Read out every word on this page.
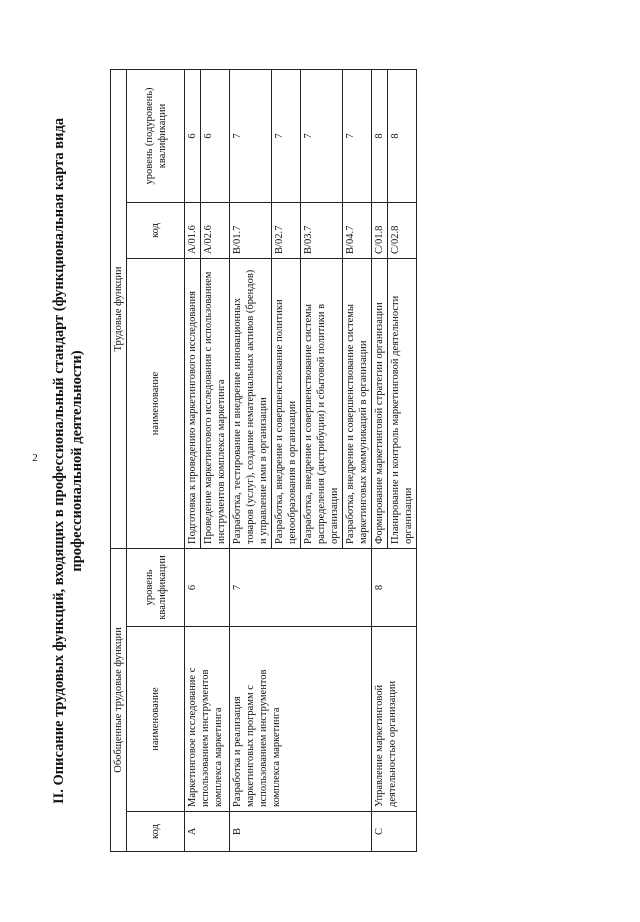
2 II. Описание трудовых функций, входящих в профессиональный стандарт (функциональная карта вида профессиональной деятельности)
Обобщенные трудовые функции			Трудовые функции		
код	наименование	уровень квалификации	наименование	код	уровень (подуровень) квалификации
A	Маркетинговое исследование с использованием инструментов комплекса маркетинга	6	Подготовка к проведению маркетингового исследования	A/01.6	6
			Проведение маркетингового исследования с использованием инструментов комплекса маркетинга	A/02.6	6
B	Разработка и реализация маркетинговых программ с использованием инструментов комплекса маркетинга	7	Разработка, тестирование и внедрение инновационных товаров (услуг), создание нематериальных активов (брендов) и управление ими в организации	B/01.7	7
			Разработка, внедрение и совершенствование политики ценообразования в организации	B/02.7	7
			Разработка, внедрение и совершенствование системы распределения (дистрибуции) и сбытовой политики в организации	B/03.7	7
			Разработка, внедрение и совершенствование системы маркетинговых коммуникаций в организации	B/04.7	7
C	Управление маркетинговой деятельностью организации	8	Формирование маркетинговой стратегии организации	C/01.8	8
			Планирование и контроль маркетинговой деятельности организации	C/02.8	8
